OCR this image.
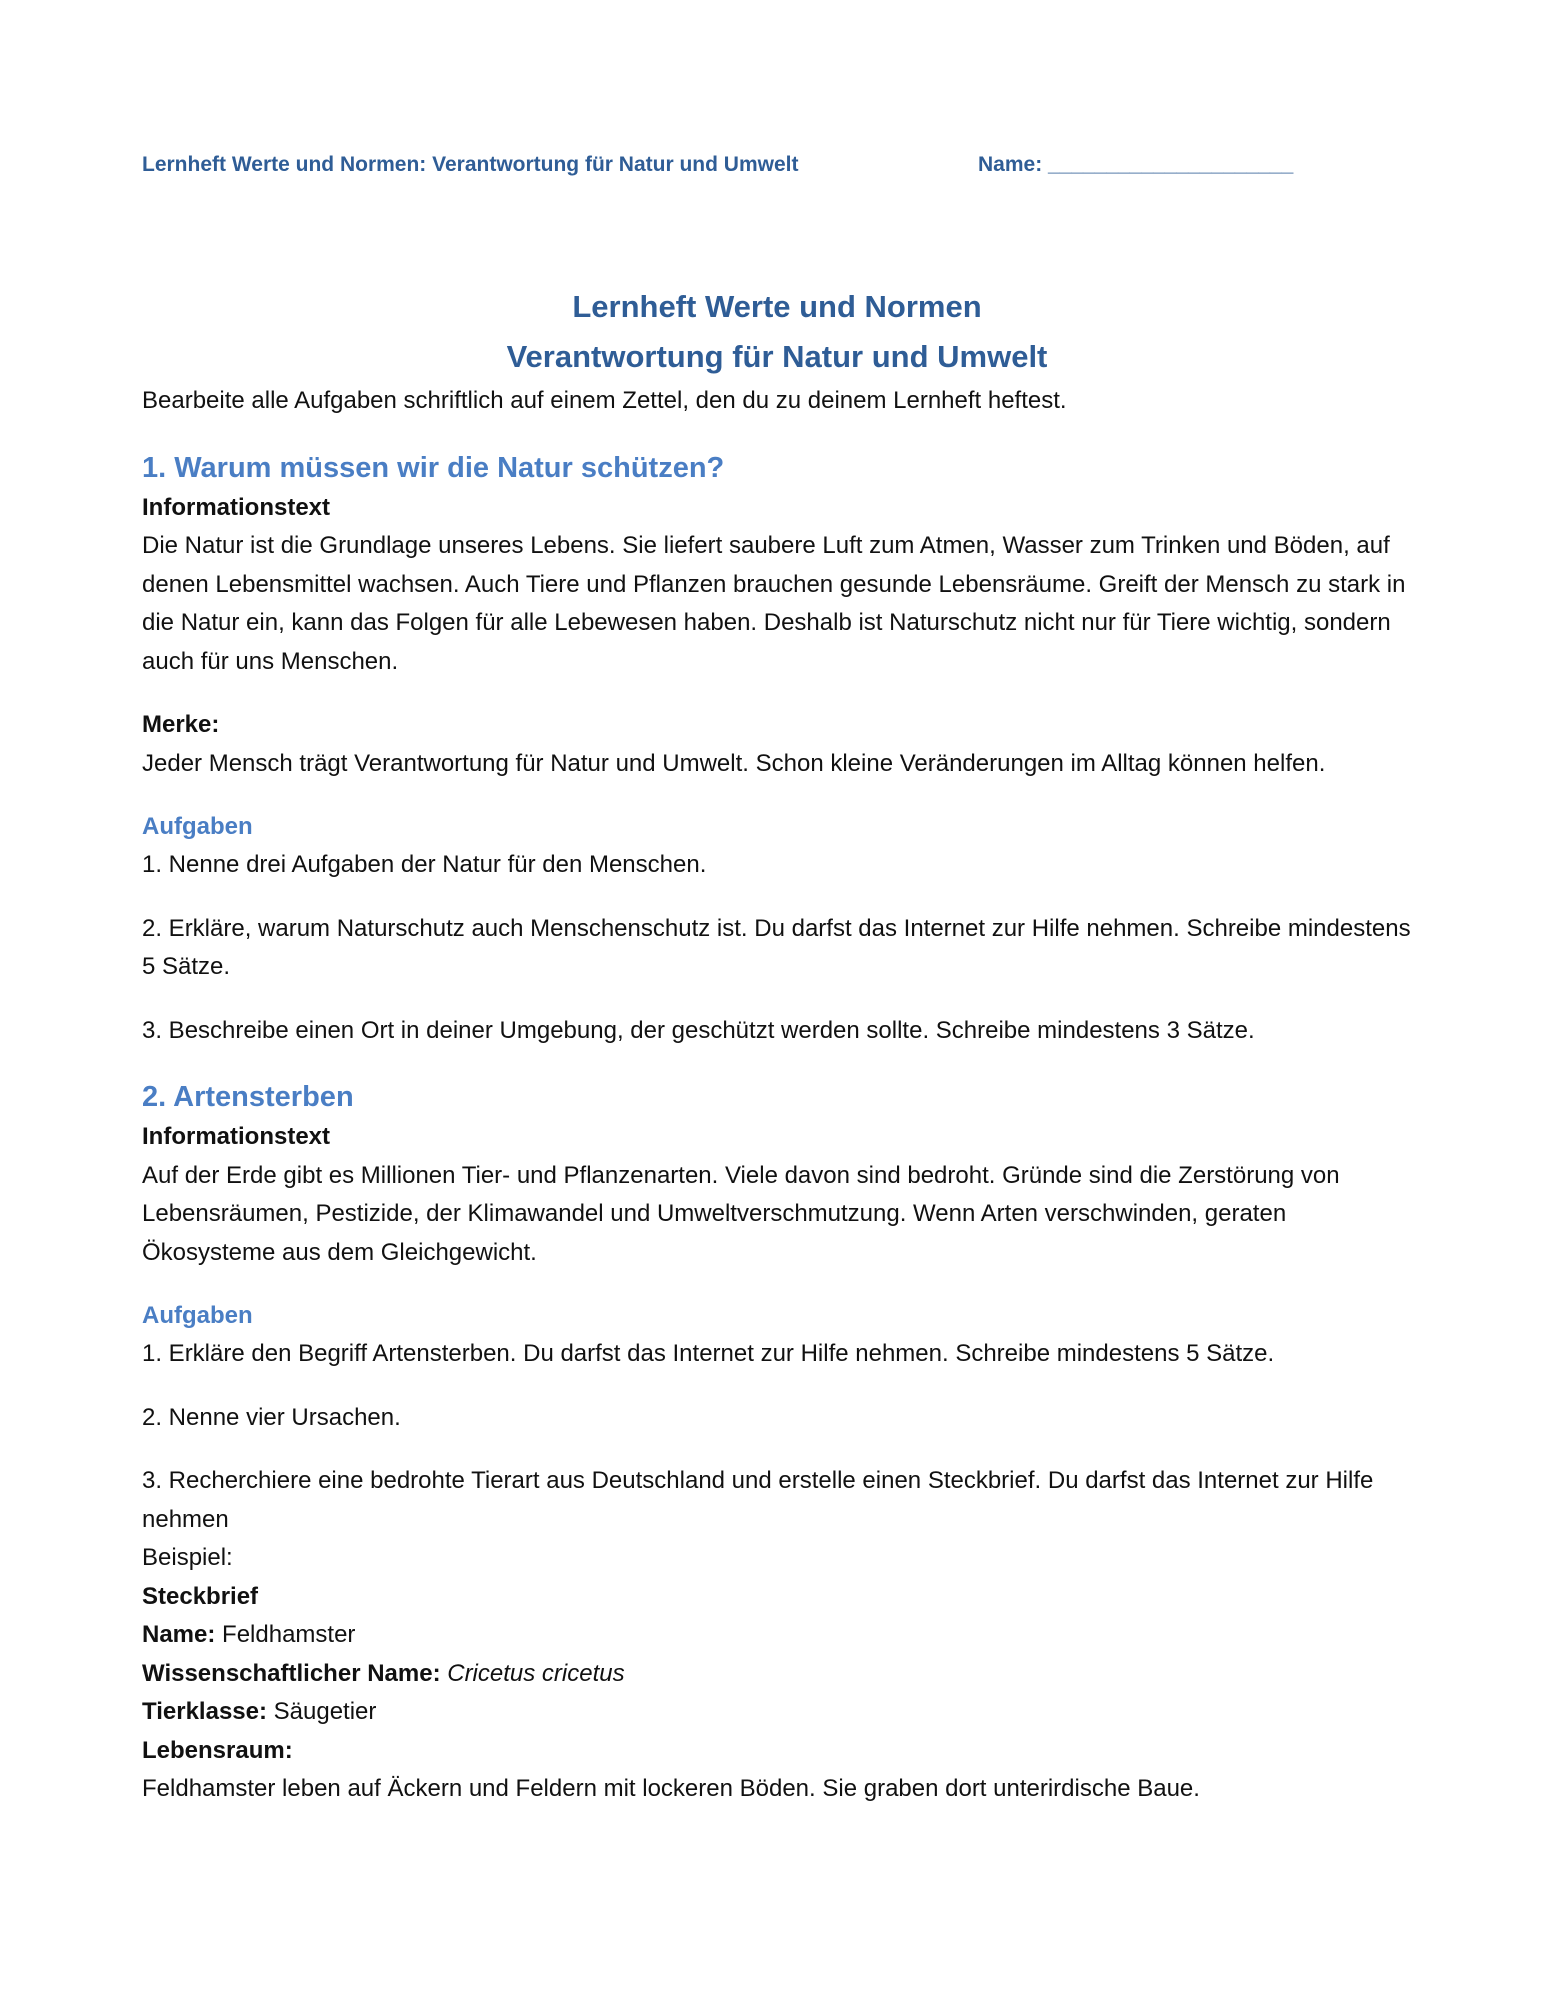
Lernheft Werte und Normen: Verantwortung für Natur und Umwelt	Name: _____________________
Lernheft Werte und Normen
Verantwortung für Natur und Umwelt

Bearbeite alle Aufgaben schriftlich auf einem Zettel, den du zu deinem Lernheft heftest.

1. Warum müssen wir die Natur schützen?

Informationstext

Die Natur ist die Grundlage unseres Lebens. Sie liefert saubere Luft zum Atmen, Wasser zum Trinken und Böden, auf denen Lebensmittel wachsen. Auch Tiere und Pflanzen brauchen gesunde Lebensräume. Greift der Mensch zu stark in die Natur ein, kann das Folgen für alle Lebewesen haben. Deshalb ist Naturschutz nicht nur für Tiere wichtig, sondern auch für uns Menschen.

Merke:

Jeder Mensch trägt Verantwortung für Natur und Umwelt. Schon kleine Veränderungen im Alltag können helfen.

Aufgaben

1. Nenne drei Aufgaben der Natur für den Menschen.

2. Erkläre, warum Naturschutz auch Menschenschutz ist. Du darfst das Internet zur Hilfe nehmen. Schreibe mindestens 5 Sätze.

3. Beschreibe einen Ort in deiner Umgebung, der geschützt werden sollte. Schreibe mindestens 3 Sätze.

2. Artensterben

Informationstext

Auf der Erde gibt es Millionen Tier- und Pflanzenarten. Viele davon sind bedroht. Gründe sind die Zerstörung von Lebensräumen, Pestizide, der Klimawandel und Umweltverschmutzung. Wenn Arten verschwinden, geraten Ökosysteme aus dem Gleichgewicht.

Aufgaben

1. Erkläre den Begriff Artensterben. Du darfst das Internet zur Hilfe nehmen. Schreibe mindestens 5 Sätze.

2. Nenne vier Ursachen.

3. Recherchiere eine bedrohte Tierart aus Deutschland und erstelle einen Steckbrief. Du darfst das Internet zur Hilfe nehmen

Beispiel:

Steckbrief

Name: Feldhamster

Wissenschaftlicher Name: Cricetus cricetus

Tierklasse: Säugetier

Lebensraum:

Feldhamster leben auf Äckern und Feldern mit lockeren Böden. Sie graben dort unterirdische Baue.
